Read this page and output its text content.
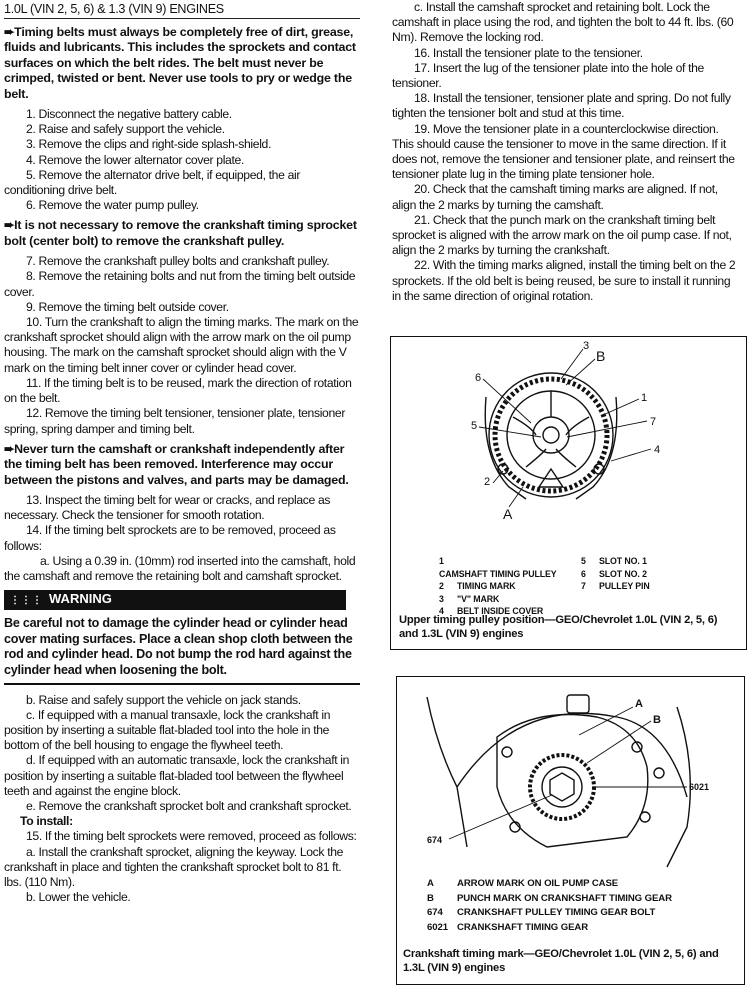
1.0L (VIN 2, 5, 6) & 1.3 (VIN 9) ENGINES

➨Timing belts must always be completely free of dirt, grease, fluids and lubricants. This includes the sprockets and contact surfaces on which the belt rides. The belt must never be crimped, twisted or bent. Never use tools to pry or wedge the belt.

1. Disconnect the negative battery cable.

2. Raise and safely support the vehicle.

3. Remove the clips and right-side splash-shield.

4. Remove the lower alternator cover plate.

5. Remove the alternator drive belt, if equipped, the air conditioning drive belt.

6. Remove the water pump pulley.

➨It is not necessary to remove the crankshaft timing sprocket bolt (center bolt) to remove the crankshaft pulley.

7. Remove the crankshaft pulley bolts and crankshaft pulley.

8. Remove the retaining bolts and nut from the timing belt outside cover.

9. Remove the timing belt outside cover.

10. Turn the crankshaft to align the timing marks. The mark on the crankshaft sprocket should align with the arrow mark on the oil pump housing. The mark on the camshaft sprocket should align with the V mark on the timing belt inner cover or cylinder head cover.

11. If the timing belt is to be reused, mark the direction of rotation on the belt.

12. Remove the timing belt tensioner, tensioner plate, tensioner spring, spring damper and timing belt.

➨Never turn the camshaft or crankshaft independently after the timing belt has been removed. Interference may occur between the pistons and valves, and parts may be damaged.

13. Inspect the timing belt for wear or cracks, and replace as necessary. Check the tensioner for smooth rotation.

14. If the timing belt sprockets are to be removed, proceed as follows:

a. Using a 0.39 in. (10mm) rod inserted into the camshaft, hold the camshaft and remove the retaining bolt and camshaft sprocket.

⋮⋮⋮ WARNING

Be careful not to damage the cylinder head or cylinder head cover mating surfaces. Place a clean shop cloth between the rod and cylinder head. Do not bump the rod hard against the cylinder head when loosening the bolt.

b. Raise and safely support the vehicle on jack stands.

c. If equipped with a manual transaxle, lock the crankshaft in position by inserting a suitable flat-bladed tool into the hole in the bottom of the bell housing to engage the flywheel teeth.

d. If equipped with an automatic transaxle, lock the crankshaft in position by inserting a suitable flat-bladed tool between the flywheel teeth and against the engine block.

e. Remove the crankshaft sprocket bolt and crankshaft sprocket.

To install:

15. If the timing belt sprockets were removed, proceed as follows:

a. Install the crankshaft sprocket, aligning the keyway. Lock the crankshaft in place and tighten the crankshaft sprocket bolt to 81 ft. lbs. (110 Nm).

b. Lower the vehicle.

c. Install the camshaft sprocket and retaining bolt. Lock the camshaft in place using the rod, and tighten the bolt to 44 ft. lbs. (60 Nm). Remove the locking rod.

16. Install the tensioner plate to the tensioner.

17. Insert the lug of the tensioner plate into the hole of the tensioner.

18. Install the tensioner, tensioner plate and spring. Do not fully tighten the tensioner bolt and stud at this time.

19. Move the tensioner plate in a counterclockwise direction. This should cause the tensioner to move in the same direction. If it does not, remove the tensioner and tensioner plate, and reinsert the tensioner plate lug in the timing plate tensioner hole.

20. Check that the camshaft timing marks are aligned. If not, align the 2 marks by turning the camshaft.

21. Check that the punch mark on the crankshaft timing belt sprocket is aligned with the arrow mark on the oil pump case. If not, align the 2 marks by turning the crankshaft.

22. With the timing marks aligned, install the timing belt on the 2 sprockets. If the old belt is being reused, be sure to install it running in the same direction of original rotation.

3
B
6
1
5	7
4
2
A
1CAMSHAFT TIMING PULLEY
2 TIMING MARK
3 "V" MARK
4 BELT INSIDE COVER
5 SLOT NO. 1
6 SLOT NO. 2
7 PULLEY PIN
Upper timing pulley position—GEO/Chevrolet 1.0L (VIN 2, 5, 6) and 1.3L (VIN 9) engines
A
B
6021
674
A ARROW MARK ON OIL PUMP CASE
B PUNCH MARK ON CRANKSHAFT TIMING GEAR
674 CRANKSHAFT PULLEY TIMING GEAR BOLT
6021 CRANKSHAFT TIMING GEAR
Crankshaft timing mark—GEO/Chevrolet 1.0L (VIN 2, 5, 6) and 1.3L (VIN 9) engines
